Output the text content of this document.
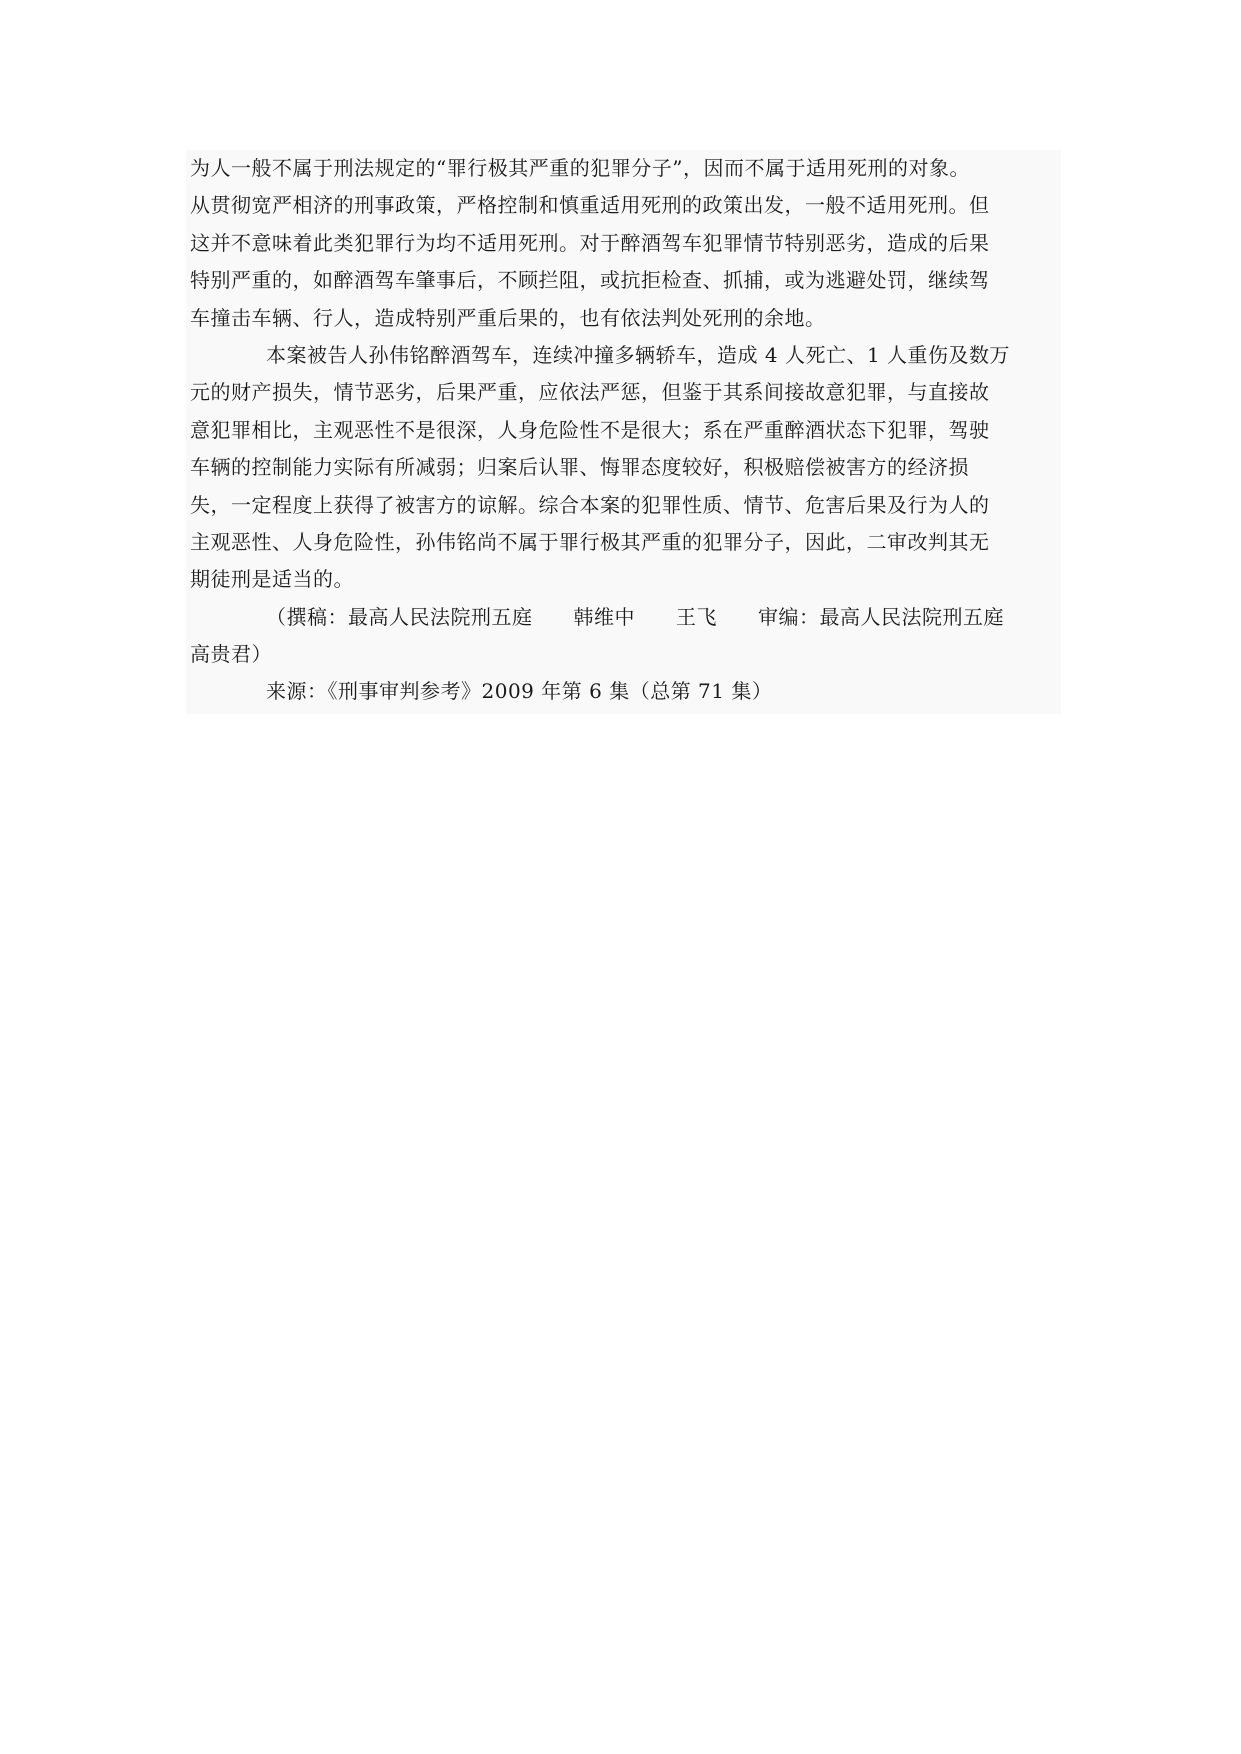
为人一般不属于刑法规定的“罪行极其严重的犯罪分子”，因而不属于适用死刑的对象。
从贯彻宽严相济的刑事政策，严格控制和慎重适用死刑的政策出发，一般不适用死刑。但
这并不意味着此类犯罪行为均不适用死刑。对于醉酒驾车犯罪情节特别恶劣，造成的后果
特别严重的，如醉酒驾车肇事后，不顾拦阻，或抗拒检查、抓捕，或为逃避处罚，继续驾
车撞击车辆、行人，造成特别严重后果的，也有依法判处死刑的余地。
本案被告人孙伟铭醉酒驾车，连续冲撞多辆轿车，造成 4 人死亡、1 人重伤及数万
元的财产损失，情节恶劣，后果严重，应依法严惩，但鉴于其系间接故意犯罪，与直接故
意犯罪相比，主观恶性不是很深，人身危险性不是很大；系在严重醉酒状态下犯罪，驾驶
车辆的控制能力实际有所减弱；归案后认罪、悔罪态度较好，积极赔偿被害方的经济损
失，一定程度上获得了被害方的谅解。综合本案的犯罪性质、情节、危害后果及行为人的
主观恶性、人身危险性，孙伟铭尚不属于罪行极其严重的犯罪分子，因此，二审改判其无
期徒刑是适当的。
（撰稿：最高人民法院刑五庭　　韩维中　　王飞　　审编：最高人民法院刑五庭
高贵君）
来源：《刑事审判参考》2009 年第 6 集（总第 71 集）
